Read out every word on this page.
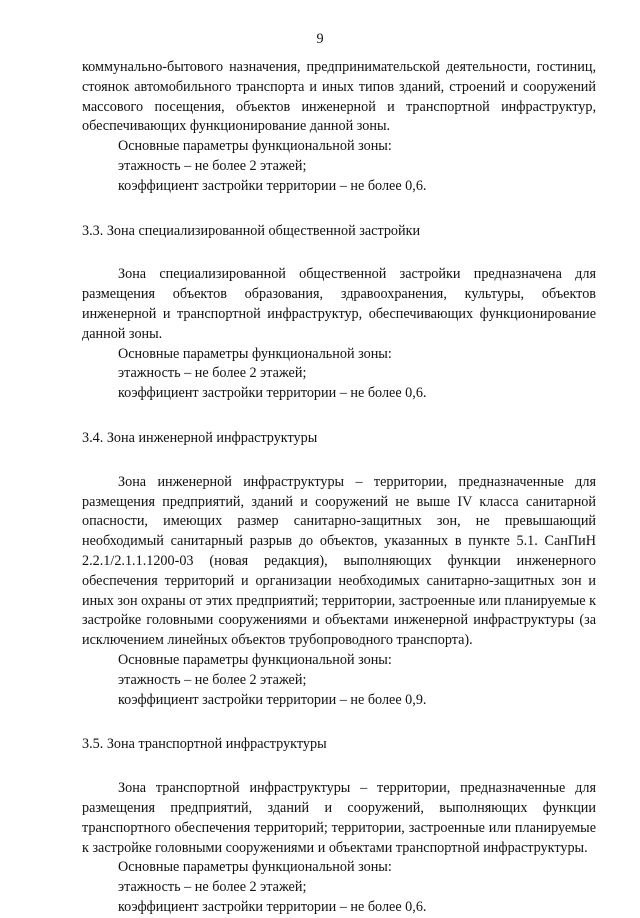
9

коммунально-бытового назначения, предпринимательской деятельности, гостиниц, стоянок автомобильного транспорта и иных типов зданий, строений и сооружений массового посещения, объектов инженерной и транспортной инфраструктур, обеспечивающих функционирование данной зоны.

Основные параметры функциональной зоны:

этажность – не более 2 этажей;

коэффициент застройки территории – не более 0,6.

3.3. Зона специализированной общественной застройки

Зона специализированной общественной застройки предназначена для размещения объектов образования, здравоохранения, культуры, объектов инженерной и транспортной инфраструктур, обеспечивающих функционирование данной зоны.

Основные параметры функциональной зоны:

этажность – не более 2 этажей;

коэффициент застройки территории – не более 0,6.

3.4. Зона инженерной инфраструктуры

Зона инженерной инфраструктуры – территории, предназначенные для размещения предприятий, зданий и сооружений не выше IV класса санитарной опасности, имеющих размер санитарно-защитных зон, не превышающий необходимый санитарный разрыв до объектов, указанных в пункте 5.1. СанПиН 2.2.1/2.1.1.1200-03 (новая редакция), выполняющих функции инженерного обеспечения территорий и организации необходимых санитарно-защитных зон и иных зон охраны от этих предприятий; территории, застроенные или планируемые к застройке головными сооружениями и объектами инженерной инфраструктуры (за исключением линейных объектов трубопроводного транспорта).

Основные параметры функциональной зоны:

этажность – не более 2 этажей;

коэффициент застройки территории – не более 0,9.

3.5. Зона транспортной инфраструктуры

Зона транспортной инфраструктуры – территории, предназначенные для размещения предприятий, зданий и сооружений, выполняющих функции транспортного обеспечения территорий; территории, застроенные или планируемые к застройке головными сооружениями и объектами транспортной инфраструктуры.

Основные параметры функциональной зоны:

этажность – не более 2 этажей;

коэффициент застройки территории – не более 0,6.
